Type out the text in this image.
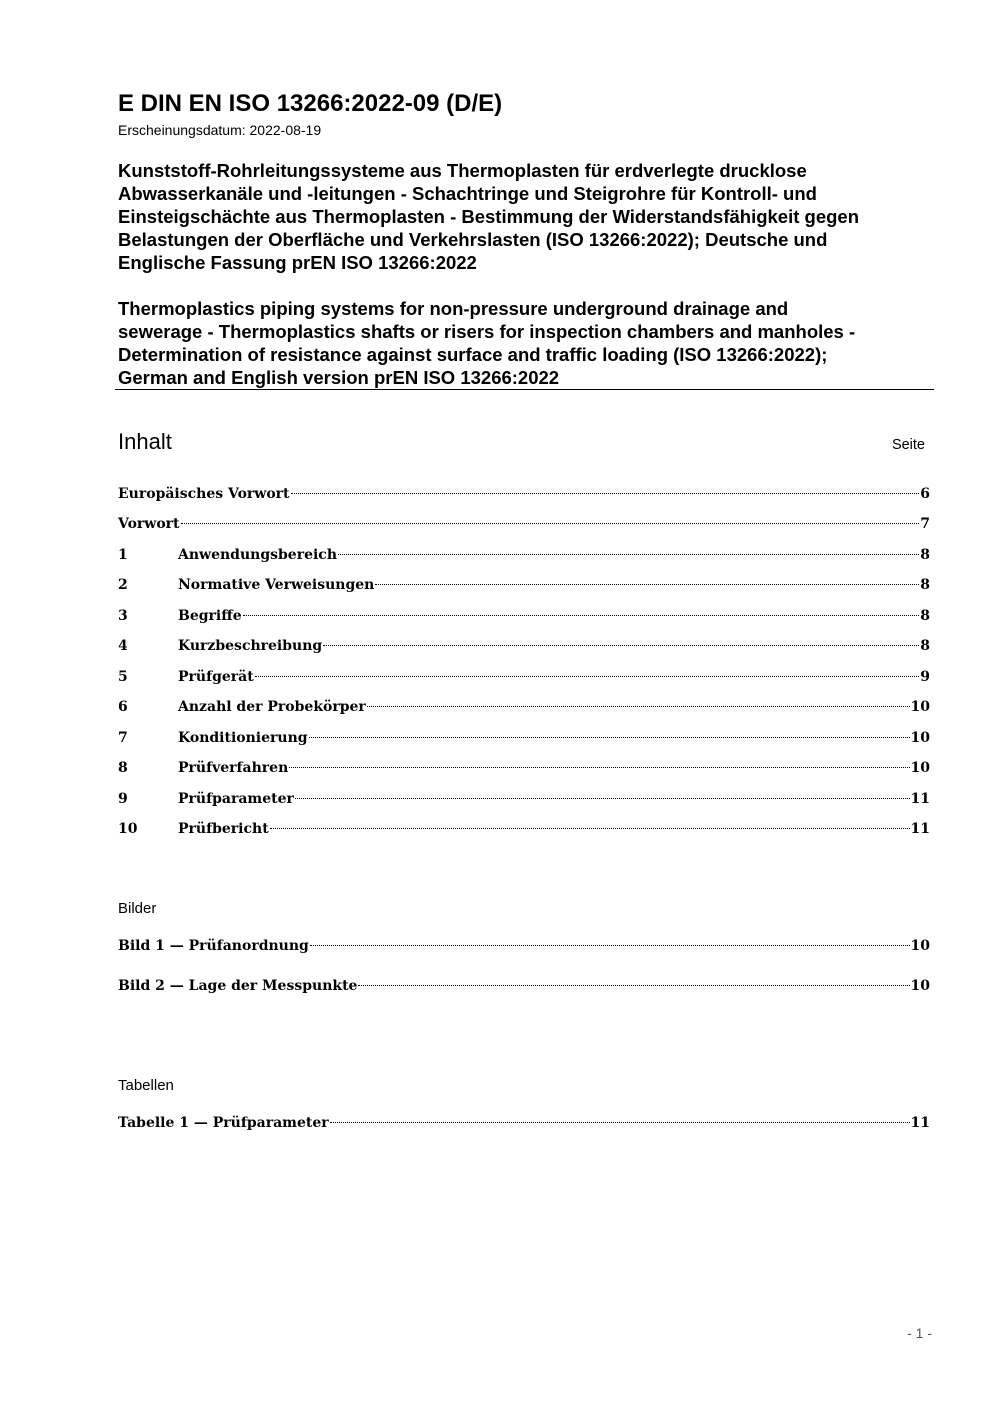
E DIN EN ISO 13266:2022-09 (D/E)
Erscheinungsdatum: 2022-08-19
Kunststoff-Rohrleitungssysteme aus Thermoplasten für erdverlegte drucklose
Abwasserkanäle und -leitungen - Schachtringe und Steigrohre für Kontroll- und
Einsteigschächte aus Thermoplasten - Bestimmung der Widerstandsfähigkeit gegen
Belastungen der Oberfläche und Verkehrslasten (ISO 13266:2022); Deutsche und
Englische Fassung prEN ISO 13266:2022
Thermoplastics piping systems for non-pressure underground drainage and
sewerage - Thermoplastics shafts or risers for inspection chambers and manholes -
Determination of resistance against surface and traffic loading (ISO 13266:2022);
German and English version prEN ISO 13266:2022
Inhalt	Seite
Europäisches Vorwort	6
Vorwort	7
1	Anwendungsbereich	8
2	Normative Verweisungen	8
3	Begriffe	8
4	Kurzbeschreibung	8
5	Prüfgerät	9
6	Anzahl der Probekörper	10
7	Konditionierung	10
8	Prüfverfahren	10
9	Prüfparameter	11
10	Prüfbericht	11
Bilder
Bild 1 — Prüfanordnung	10
Bild 2 — Lage der Messpunkte	10
Tabellen
Tabelle 1 — Prüfparameter	11
- 1 -
